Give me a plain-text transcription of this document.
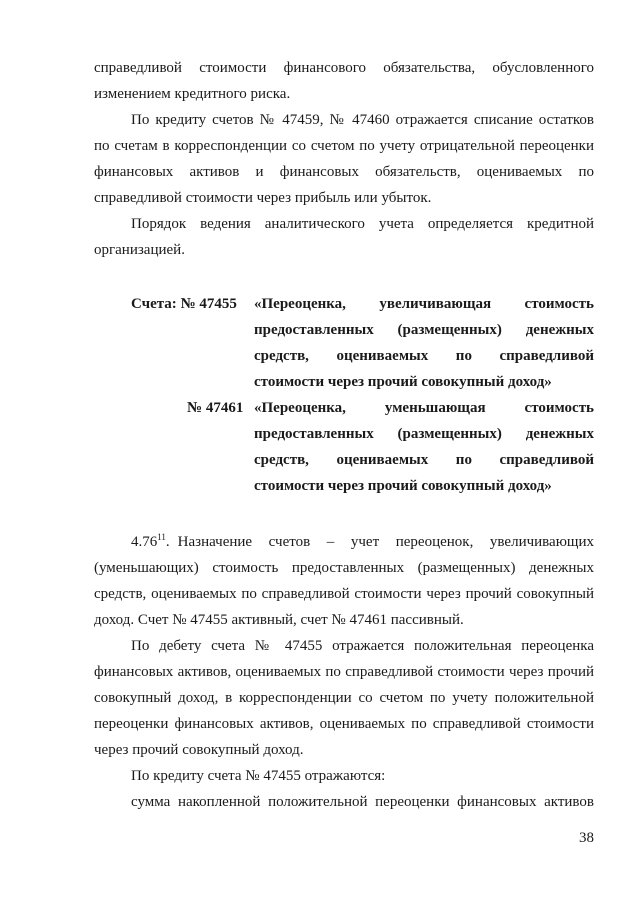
справедливой стоимости финансового обязательства, обусловленного
изменением кредитного риска.
По кредиту счетов № 47459, № 47460 отражается списание остатков
по счетам в корреспонденции со счетом по учету отрицательной переоценки
финансовых активов и финансовых обязательств, оцениваемых по
справедливой стоимости через прибыль или убыток.
Порядок ведения аналитического учета определяется кредитной
организацией.
Счета: № 47455 «Переоценка, увеличивающая стоимость
предоставленных (размещенных) денежных
средств, оцениваемых по справедливой
стоимости через прочий совокупный доход»
№ 47461 «Переоценка, уменьшающая стоимость
предоставленных (размещенных) денежных
средств, оцениваемых по справедливой
стоимости через прочий совокупный доход»
4.76$^{11}$. Назначение счетов – учет переоценок, увеличивающих
(уменьшающих) стоимость предоставленных (размещенных) денежных
средств, оцениваемых по справедливой стоимости через прочий совокупный
доход. Счет № 47455 активный, счет № 47461 пассивный.
По дебету счета № 47455 отражается положительная переоценка
финансовых активов, оцениваемых по справедливой стоимости через прочий
совокупный доход, в корреспонденции со счетом по учету положительной
переоценки финансовых активов, оцениваемых по справедливой стоимости
через прочий совокупный доход.
По кредиту счета № 47455 отражаются:
сумма накопленной положительной переоценки финансовых активов
38
